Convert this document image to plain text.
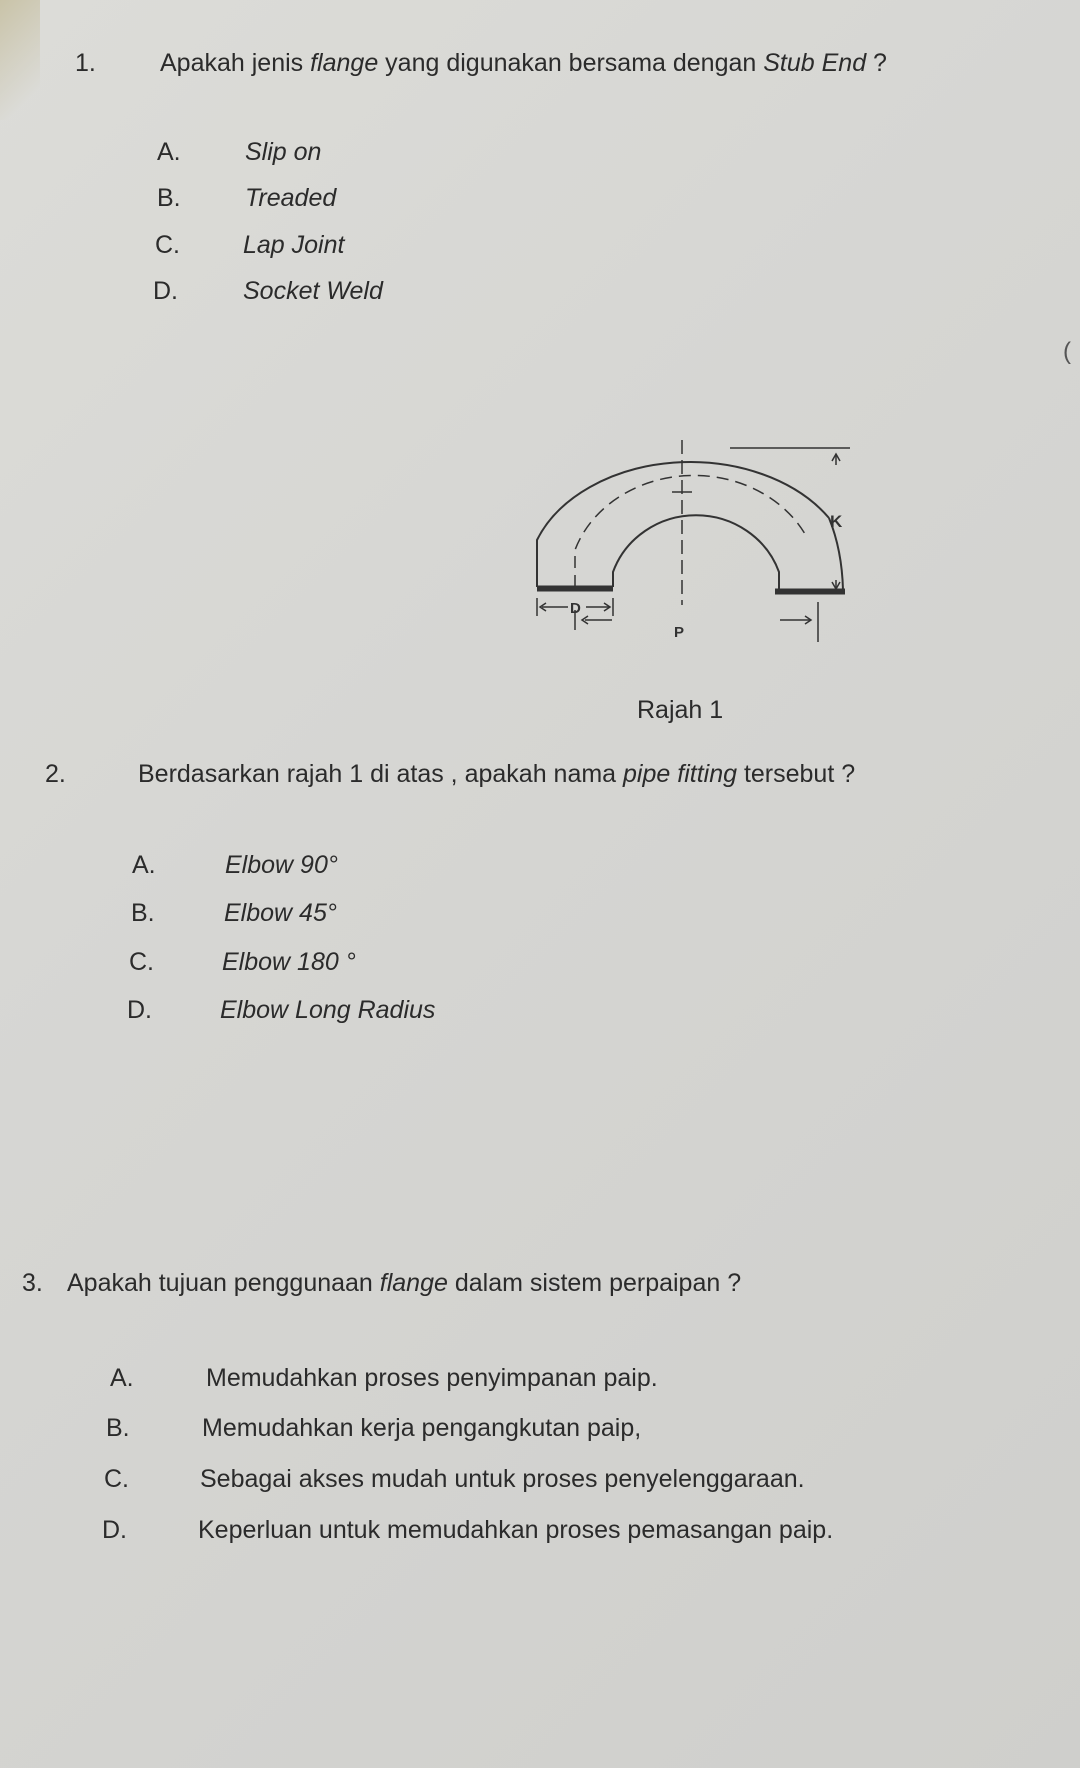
1.	Apakah jenis flange yang digunakan bersama dengan Stub End ?
A.	Slip on
B.	Treaded
C.	Lap Joint
D.	Socket Weld
(
K
D
P
Rajah 1
2.	Berdasarkan rajah 1 di atas , apakah nama pipe fitting tersebut ?
A.	Elbow 90°
B.	Elbow 45°
C.	Elbow 180 °
D.	Elbow Long Radius
3. Apakah tujuan penggunaan flange dalam sistem perpaipan ?
A.	Memudahkan proses penyimpanan paip.
B.	Memudahkan kerja pengangkutan paip,
C.	Sebagai akses mudah untuk proses penyelenggaraan.
D.	Keperluan untuk memudahkan proses pemasangan paip.
